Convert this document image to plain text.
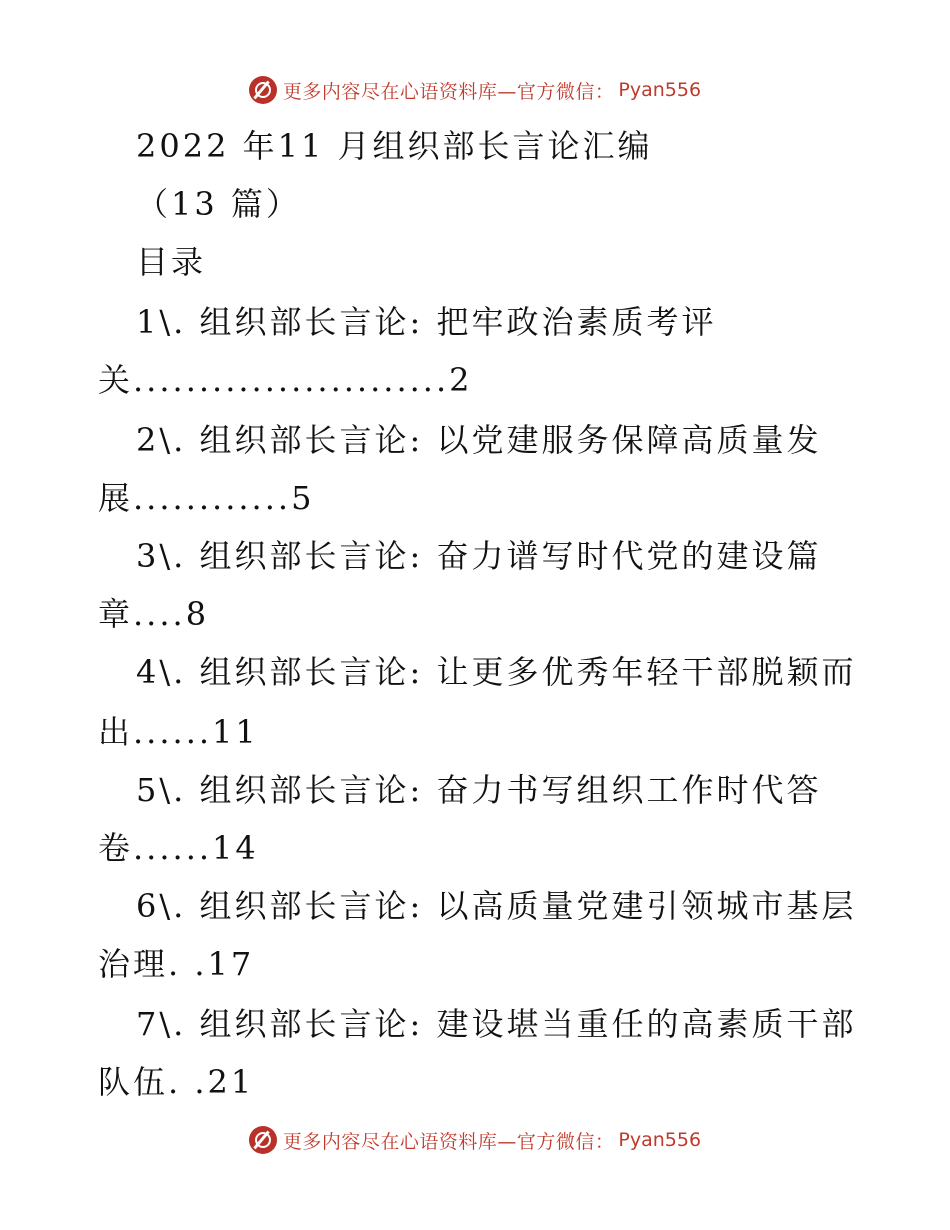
更多内容尽在心语资料库—官方微信： Pyan556
2022 年11 月组织部长言论汇编
（13 篇）
目录
1\. 组织部长言论: 把牢政治素质考评
关........................2
2\. 组织部长言论: 以党建服务保障高质量发
展............5
3\. 组织部长言论: 奋力谱写时代党的建设篇
章....8
4\. 组织部长言论: 让更多优秀年轻干部脱颖而
出......11
5\. 组织部长言论: 奋力书写组织工作时代答
卷......14
6\. 组织部长言论: 以高质量党建引领城市基层
治理. .17
7\. 组织部长言论: 建设堪当重任的高素质干部
队伍. .21
更多内容尽在心语资料库—官方微信： Pyan556
